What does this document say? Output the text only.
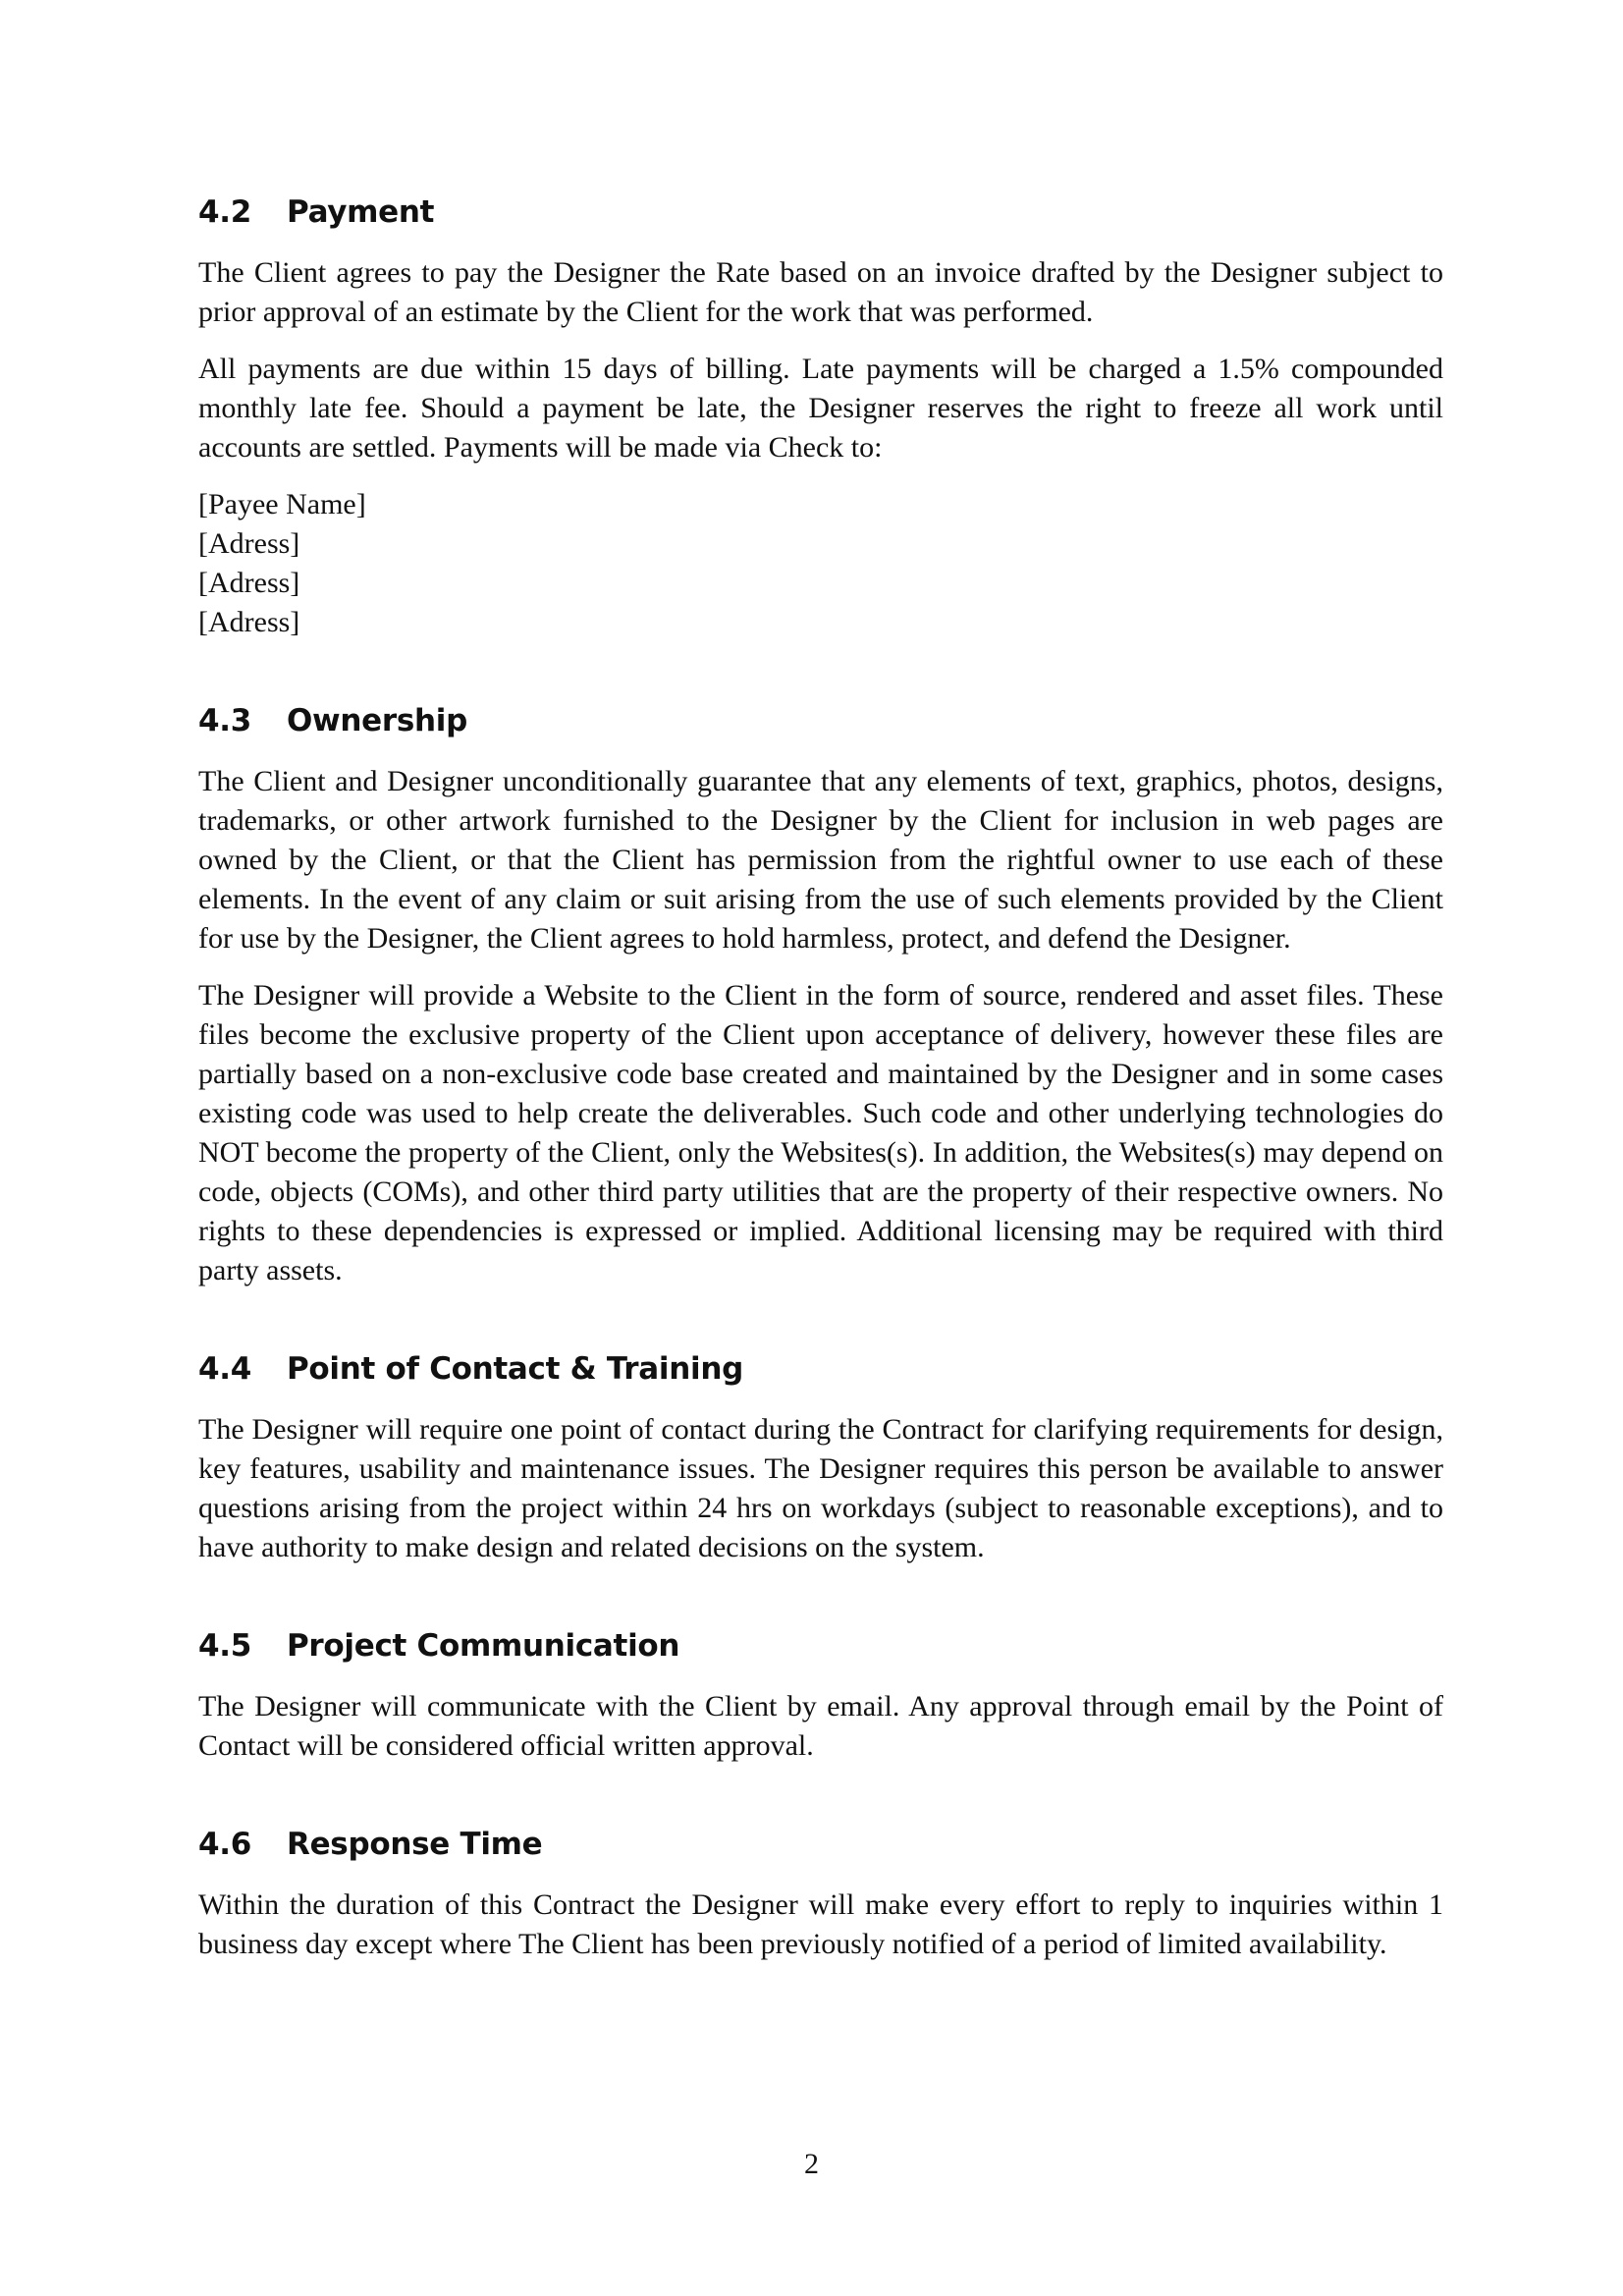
4.2	Payment

The Client agrees to pay the Designer the Rate based on an invoice drafted by the Designer subject to prior approval of an estimate by the Client for the work that was performed.

All payments are due within 15 days of billing. Late payments will be charged a 1.5% compounded monthly late fee. Should a payment be late, the Designer reserves the right to freeze all work until accounts are settled. Payments will be made via Check to:

[Payee Name]
[Adress]
[Adress]
[Adress]
4.3	Ownership

The Client and Designer unconditionally guarantee that any elements of text, graphics, photos, designs, trademarks, or other artwork furnished to the Designer by the Client for inclusion in web pages are owned by the Client, or that the Client has permission from the rightful owner to use each of these elements. In the event of any claim or suit arising from the use of such elements provided by the Client for use by the Designer, the Client agrees to hold harmless, protect, and defend the Designer.

The Designer will provide a Website to the Client in the form of source, rendered and asset files. These files become the exclusive property of the Client upon acceptance of delivery, however these files are partially based on a non-exclusive code base created and maintained by the Designer and in some cases existing code was used to help create the deliverables. Such code and other underlying technologies do NOT become the property of the Client, only the Websites(s). In addition, the Websites(s) may depend on code, objects (COMs), and other third party utilities that are the property of their respective owners. No rights to these dependencies is expressed or implied. Additional licensing may be required with third party assets.

4.4	Point of Contact & Training

The Designer will require one point of contact during the Contract for clarifying requirements for design, key features, usability and maintenance issues. The Designer requires this person be available to answer questions arising from the project within 24 hrs on workdays (subject to reasonable exceptions), and to have authority to make design and related decisions on the system.

4.5	Project Communication

The Designer will communicate with the Client by email. Any approval through email by the Point of Contact will be considered official written approval.

4.6	Response Time

Within the duration of this Contract the Designer will make every effort to reply to inquiries within 1 business day except where The Client has been previously notified of a period of limited availability.

2
